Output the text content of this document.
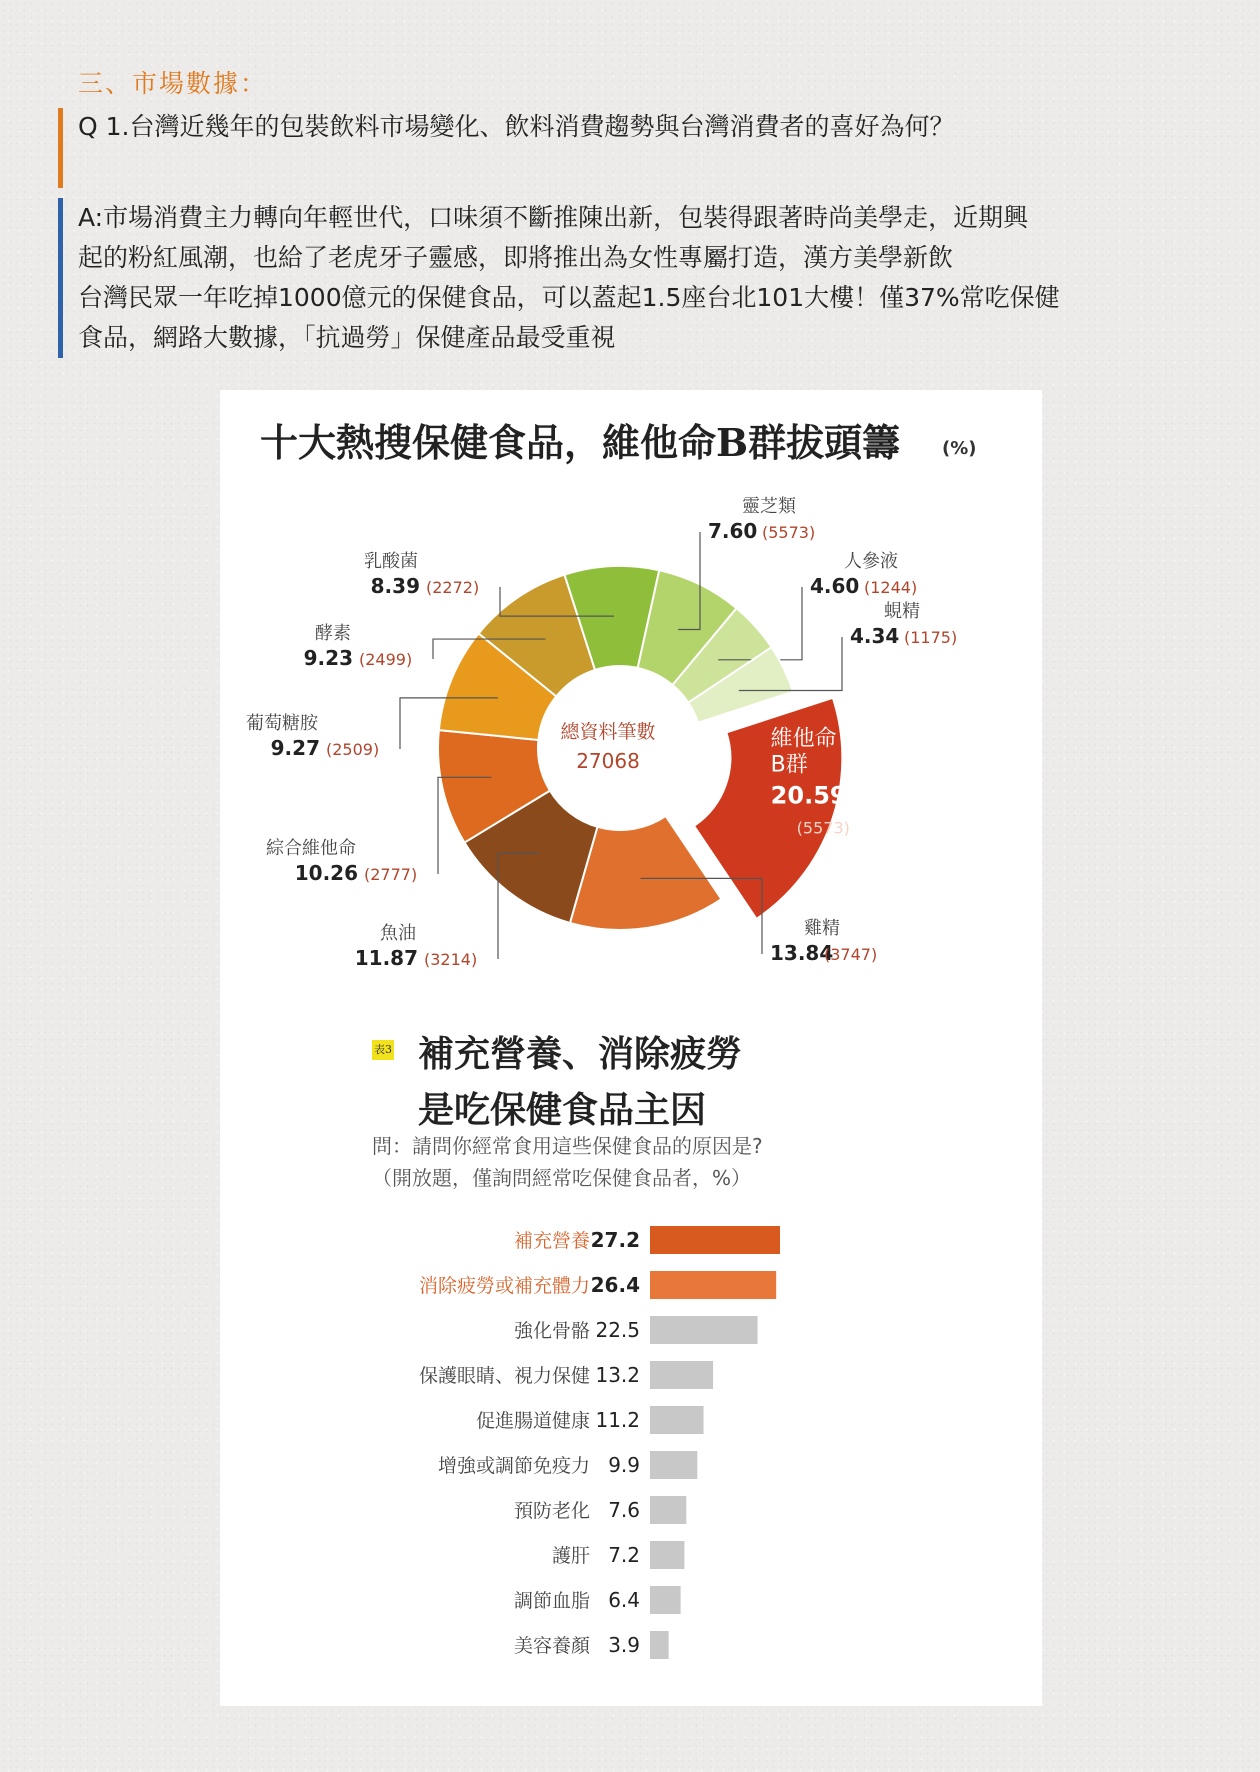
三、市場數據：
Q 1.台灣近幾年的包裝飲料市場變化、飲料消費趨勢與台灣消費者的喜好為何？
A:市場消費主力轉向年輕世代，口味須不斷推陳出新，包裝得跟著時尚美學走，近期興
起的粉紅風潮，也給了老虎牙子靈感，即將推出為女性專屬打造，漢方美學新飲
台灣民眾一年吃掉1000億元的保健食品，可以蓋起1.5座台北101大樓！僅37%常吃保健
食品，網路大數據，「抗過勞」保健產品最受重視
十大熱搜保健食品，維他命B群拔頭籌 (%)
維他命
B群
20.59
(5573)
雞精
13.84
(3747)
魚油
11.87 (3214)
綜合維他命
10.26 (2777)
葡萄糖胺
9.27 (2509)
酵素
9.23 (2499)
乳酸菌
8.39 (2272)
靈芝類
7.60 (5573)
人參液
4.60 (1244)
蜆精
4.34 (1175)
總資料筆數
27068
27.2
補充營養
26.4
消除疲勞或補充體力
22.5
強化骨骼
13.2
保護眼睛、視力保健
11.2
促進腸道健康
9.9
增強或調節免疫力
7.6
預防老化
7.2
護肝
6.4
調節血脂
3.9
美容養顏
表3 補充營養、消除疲勞
是吃保健食品主因
問：請問你經常食用這些保健食品的原因是?
（開放題，僅詢問經常吃保健食品者，%）
